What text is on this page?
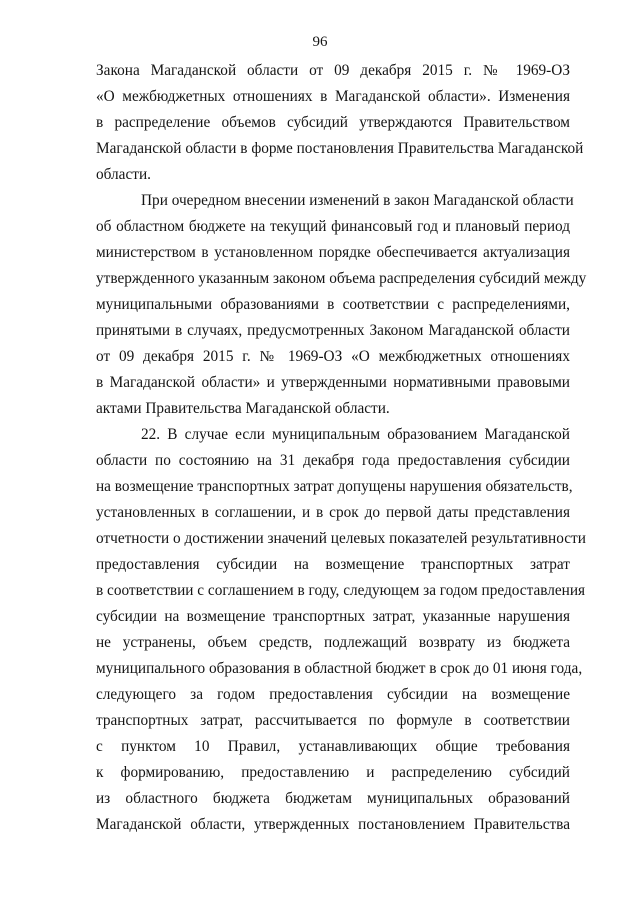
96
Закона Магаданской области от 09 декабря 2015 г. № 1969-ОЗ
«О межбюджетных отношениях в Магаданской области». Изменения
в распределение объемов субсидий утверждаются Правительством
Магаданской области в форме постановления Правительства Магаданской
области.
При очередном внесении изменений в закон Магаданской области
об областном бюджете на текущий финансовый год и плановый период
министерством в установленном порядке обеспечивается актуализация
утвержденного указанным законом объема распределения субсидий между
муниципальными образованиями в соответствии с распределениями,
принятыми в случаях, предусмотренных Законом Магаданской области
от 09 декабря 2015 г. № 1969-ОЗ «О межбюджетных отношениях
в Магаданской области» и утвержденными нормативными правовыми
актами Правительства Магаданской области.
22. В случае если муниципальным образованием Магаданской
области по состоянию на 31 декабря года предоставления субсидии
на возмещение транспортных затрат допущены нарушения обязательств,
установленных в соглашении, и в срок до первой даты представления
отчетности о достижении значений целевых показателей результативности
предоставления субсидии на возмещение транспортных затрат
в соответствии с соглашением в году, следующем за годом предоставления
субсидии на возмещение транспортных затрат, указанные нарушения
не устранены, объем средств, подлежащий возврату из бюджета
муниципального образования в областной бюджет в срок до 01 июня года,
следующего за годом предоставления субсидии на возмещение
транспортных затрат, рассчитывается по формуле в соответствии
с пунктом 10 Правил, устанавливающих общие требования
к формированию, предоставлению и распределению субсидий
из областного бюджета бюджетам муниципальных образований
Магаданской области, утвержденных постановлением Правительства
